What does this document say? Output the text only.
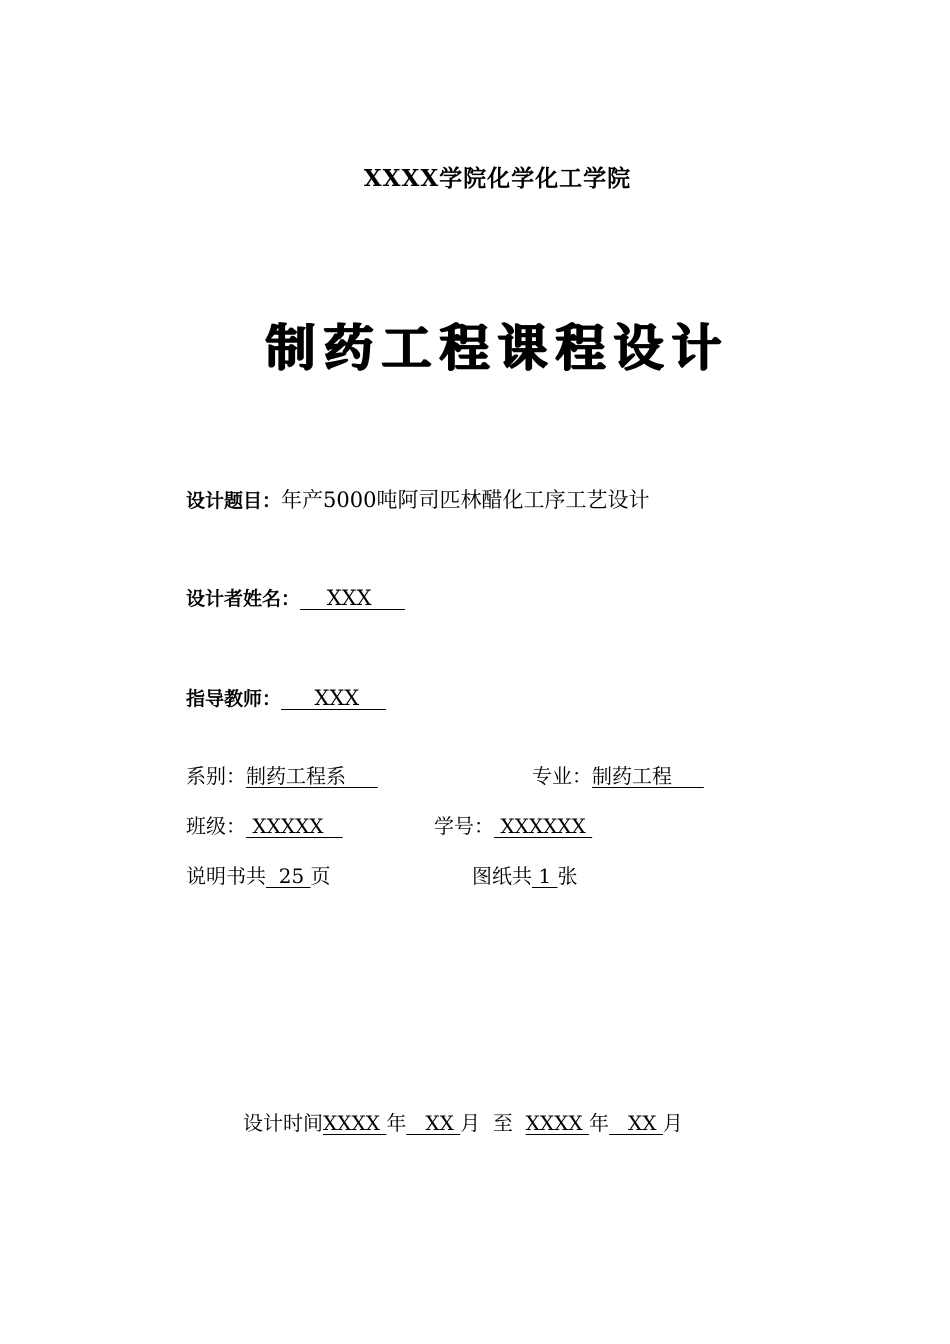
XXXX学院化学化工学院
制药工程课程设计
设计题目：年产5000吨阿司匹林醋化工序工艺设计
设计者姓名：    XXX
指导教师：     XXX
系别：制药工程系	专业：制药工程
班级： XXXXX	学号： XXXXXX
说明书共  25 页	图纸共 1 张
设计时间XXXX 年   XX 月  至  XXXX 年   XX 月
